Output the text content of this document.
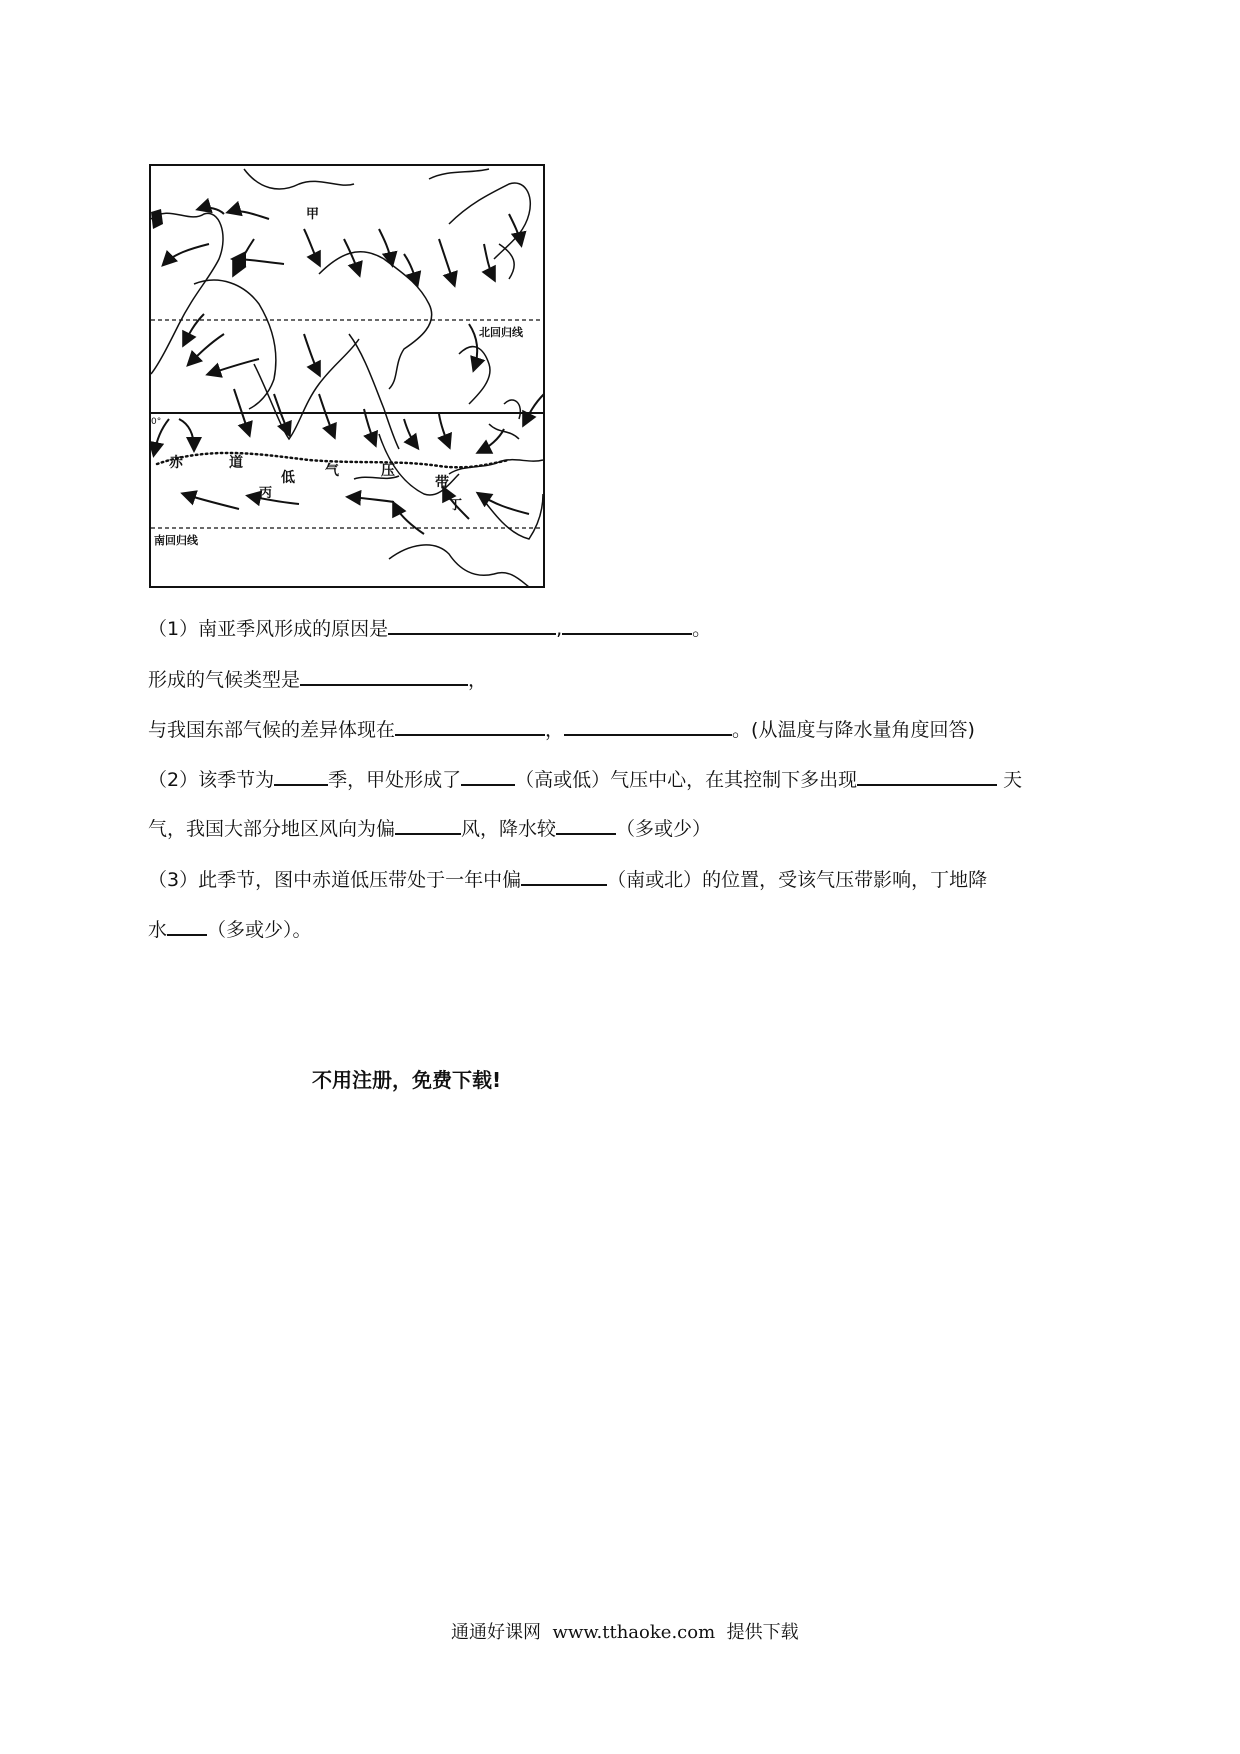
甲
丙
丁
北回归线
南回归线
0°
赤	道
低 气	压
带
（1）南亚季风形成的原因是	,	。
形成的气候类型是	，
与我国东部气候的差异体现在	，	。(从温度与降水量角度回答)
（2）该季节为	季，甲处形成了	（高或低）气压中心，在其控制下多出现	天
气，我国大部分地区风向为偏	风，降水较	（多或少）
（3）此季节，图中赤道低压带处于一年中偏	（南或北）的位置，受该气压带影响，丁地降
水 （多或少）。
不用注册，免费下载!
通通好课网  www.tthaoke.com  提供下载
